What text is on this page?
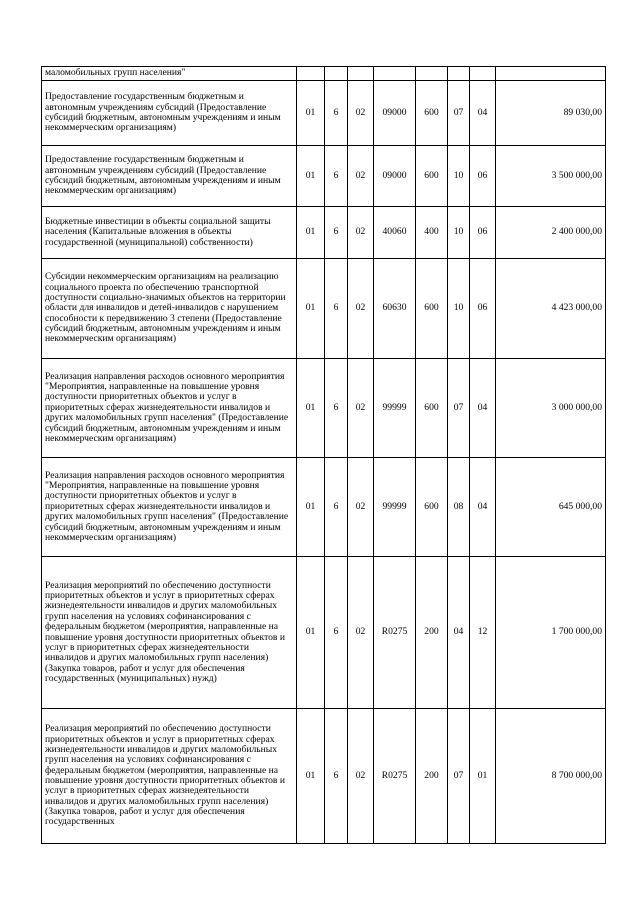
маломобильных групп населения"								
Предоставление государственным бюджетным и автономным учреждениям субсидий (Предоставление субсидий бюджетным, автономным учреждениям и иным некоммерческим организациям)	01	6	02	09000	600	07	04	89 030,00
Предоставление государственным бюджетным и автономным учреждениям субсидий (Предоставление субсидий бюджетным, автономным учреждениям и иным некоммерческим организациям)	01	6	02	09000	600	10	06	3 500 000,00
Бюджетные инвестиции в объекты социальной защиты населения (Капитальные вложения в объекты государственной (муниципальной) собственности)	01	6	02	40060	400	10	06	2 400 000,00
Субсидии некоммерческим организациям на реализацию социального проекта по обеспечению транспортной доступности социально-значимых объектов на территории области для инвалидов и детей-инвалидов с нарушением способности к передвижению 3 степени (Предоставление субсидий бюджетным, автономным учреждениям и иным некоммерческим организациям)	01	6	02	60630	600	10	06	4 423 000,00
Реализация направления расходов основного мероприятия "Мероприятия, направленные на повышение уровня доступности приоритетных объектов и услуг в приоритетных сферах жизнедеятельности инвалидов и других маломобильных групп населения" (Предоставление субсидий бюджетным, автономным учреждениям и иным некоммерческим организациям)	01	6	02	99999	600	07	04	3 000 000,00
Реализация направления расходов основного мероприятия "Мероприятия, направленные на повышение уровня доступности приоритетных объектов и услуг в приоритетных сферах жизнедеятельности инвалидов и других маломобильных групп населения" (Предоставление субсидий бюджетным, автономным учреждениям и иным некоммерческим организациям)	01	6	02	99999	600	08	04	645 000,00
Реализация мероприятий по обеспечению доступности приоритетных объектов и услуг в приоритетных сферах жизнедеятельности инвалидов и других маломобильных групп населения на условиях софинансирования с федеральным бюджетом (мероприятия, направленные на повышение уровня доступности приоритетных объектов и услуг в приоритетных сферах жизнедеятельности инвалидов и других маломобильных групп населения) (Закупка товаров, работ и услуг для обеспечения государственных (муниципальных) нужд)	01	6	02	R0275	200	04	12	1 700 000,00
Реализация мероприятий по обеспечению доступности приоритетных объектов и услуг в приоритетных сферах жизнедеятельности инвалидов и других маломобильных групп населения на условиях софинансирования с федеральным бюджетом (мероприятия, направленные на повышение уровня доступности приоритетных объектов и услуг в приоритетных сферах жизнедеятельности инвалидов и других маломобильных групп населения) (Закупка товаров, работ и услуг для обеспечения государственных	01	6	02	R0275	200	07	01	8 700 000,00
